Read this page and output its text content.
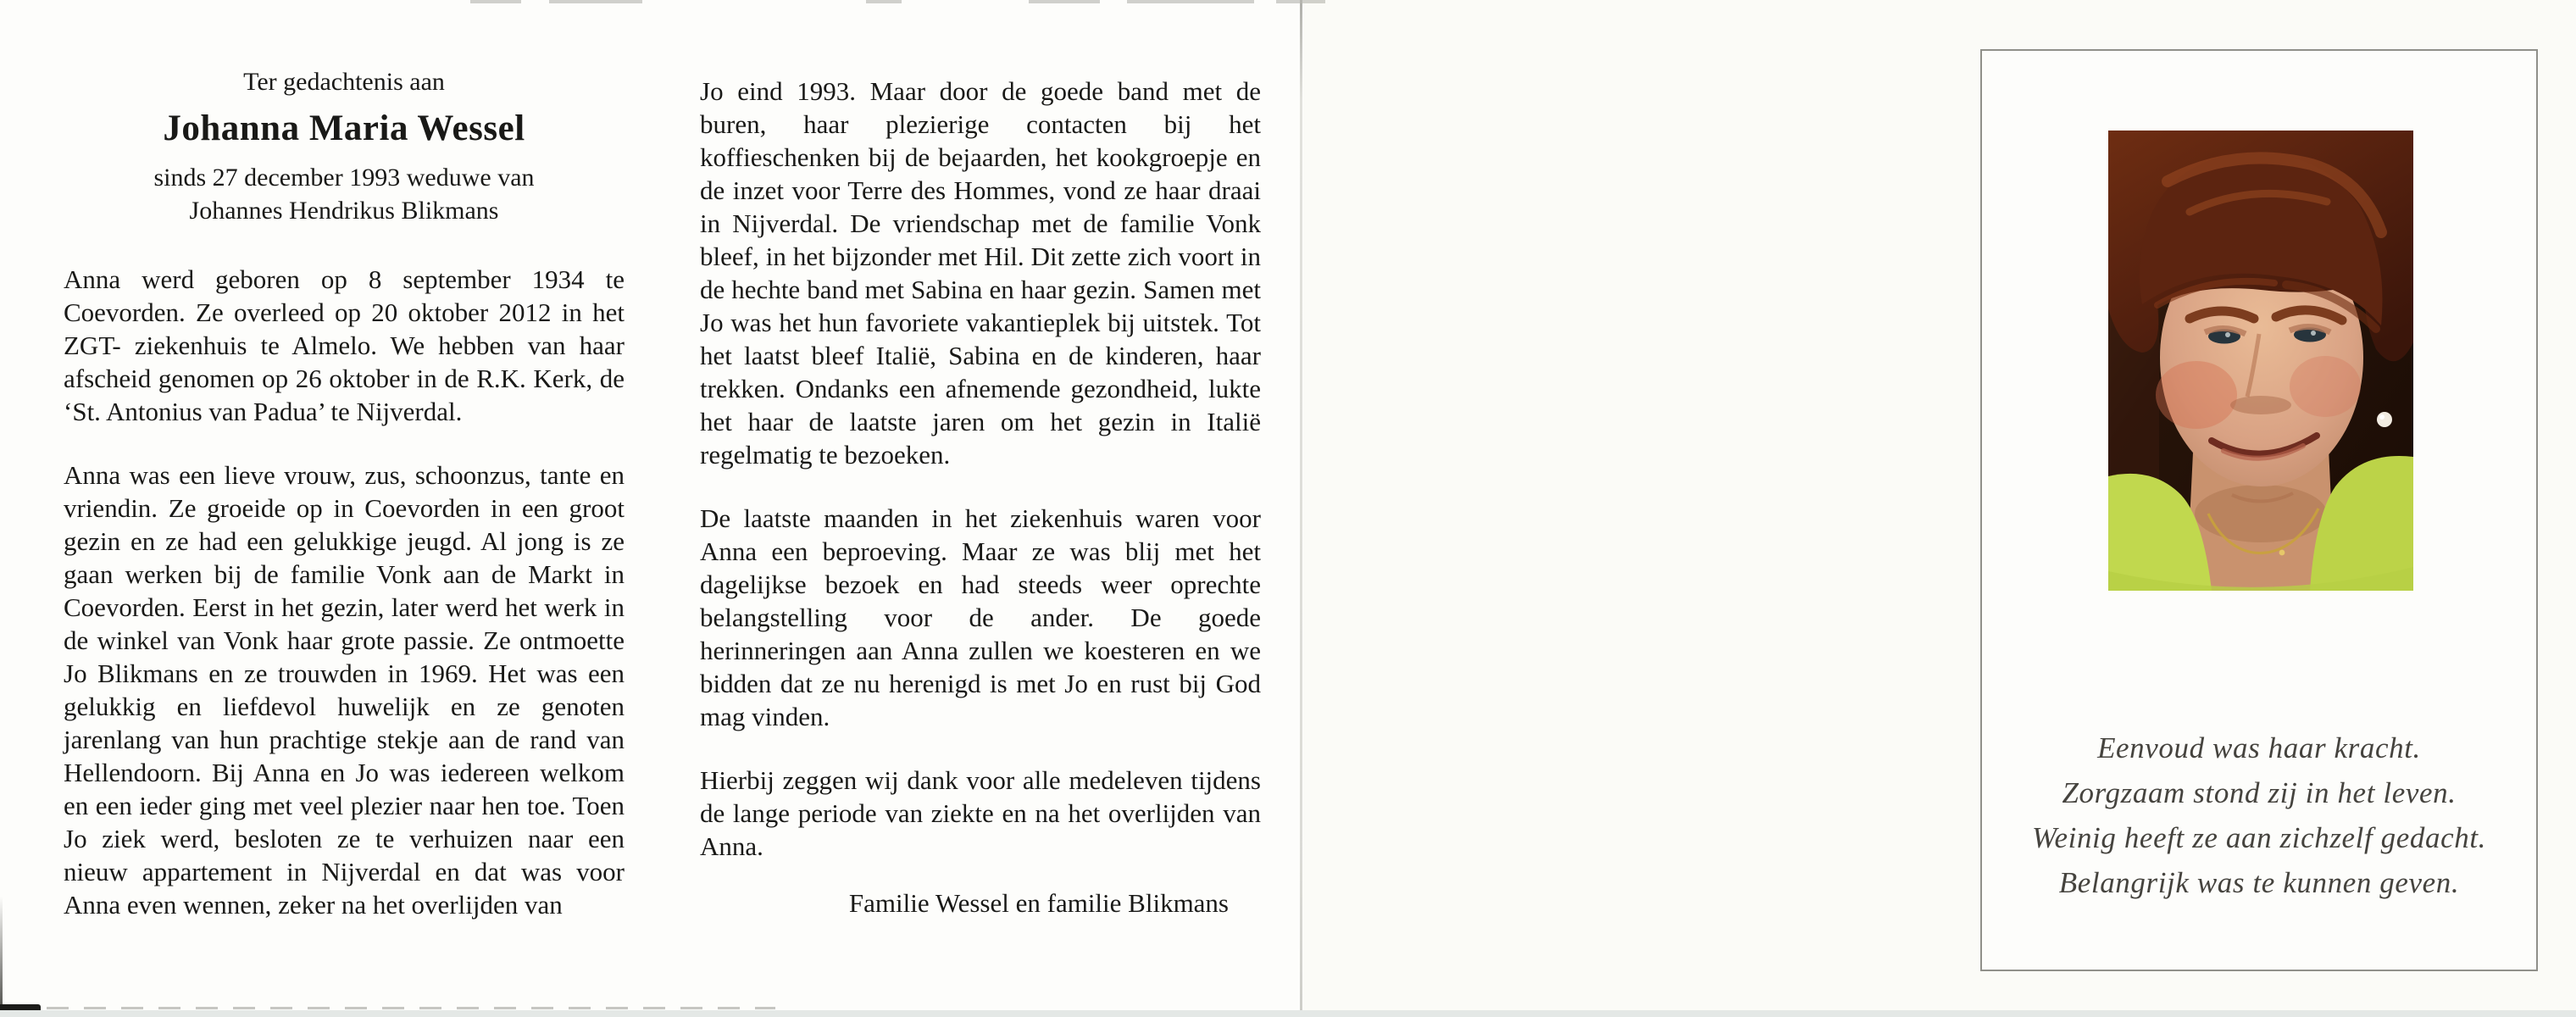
Ter gedachtenis aan
Johanna Maria Wessel
sinds 27 december 1993 weduwe van
Johannes Hendrikus Blikmans

Anna werd geboren op 8 september 1934 te Coevorden. Ze overleed op 20 oktober 2012 in het ZGT- ziekenhuis te Almelo. We hebben van haar afscheid genomen op 26 oktober in de R.K. Kerk, de ‘St. Antonius van Padua’ te Nijverdal.

Anna was een lieve vrouw, zus, schoonzus, tante en vriendin. Ze groeide op in Coevorden in een groot gezin en ze had een gelukkige jeugd. Al jong is ze gaan werken bij de familie Vonk aan de Markt in Coevorden. Eerst in het gezin, later werd het werk in de winkel van Vonk haar grote passie. Ze ontmoette Jo Blikmans en ze trouwden in 1969. Het was een gelukkig en liefdevol huwelijk en ze genoten jarenlang van hun prachtige stekje aan de rand van Hellendoorn. Bij Anna en Jo was iedereen welkom en een ieder ging met veel plezier naar hen toe. Toen Jo ziek werd, besloten ze te verhuizen naar een nieuw appartement in Nijverdal en dat was voor Anna even wennen, zeker na het overlijden van

Jo eind 1993. Maar door de goede band met de buren, haar plezierige contacten bij het koffieschenken bij de bejaarden, het kookgroepje en de inzet voor Terre des Hommes, vond ze haar draai in Nijverdal. De vriendschap met de familie Vonk bleef, in het bijzonder met Hil. Dit zette zich voort in de hechte band met Sabina en haar gezin. Samen met Jo was het hun favoriete vakantieplek bij uitstek. Tot het laatst bleef Italië, Sabina en de kinderen, haar trekken. Ondanks een afnemende gezondheid, lukte het haar de laatste jaren om het gezin in Italië regelmatig te bezoeken.

De laatste maanden in het ziekenhuis waren voor Anna een beproeving. Maar ze was blij met het dagelijkse bezoek en had steeds weer oprechte belangstelling voor de ander. De goede herinneringen aan Anna zullen we koesteren en we bidden dat ze nu herenigd is met Jo en rust bij God mag vinden.

Hierbij zeggen wij dank voor alle medeleven tijdens de lange periode van ziekte en na het overlijden van Anna.

Familie Wessel en familie Blikmans
Eenvoud was haar kracht.
Zorgzaam stond zij in het leven.
Weinig heeft ze aan zichzelf gedacht.
Belangrijk was te kunnen geven.
